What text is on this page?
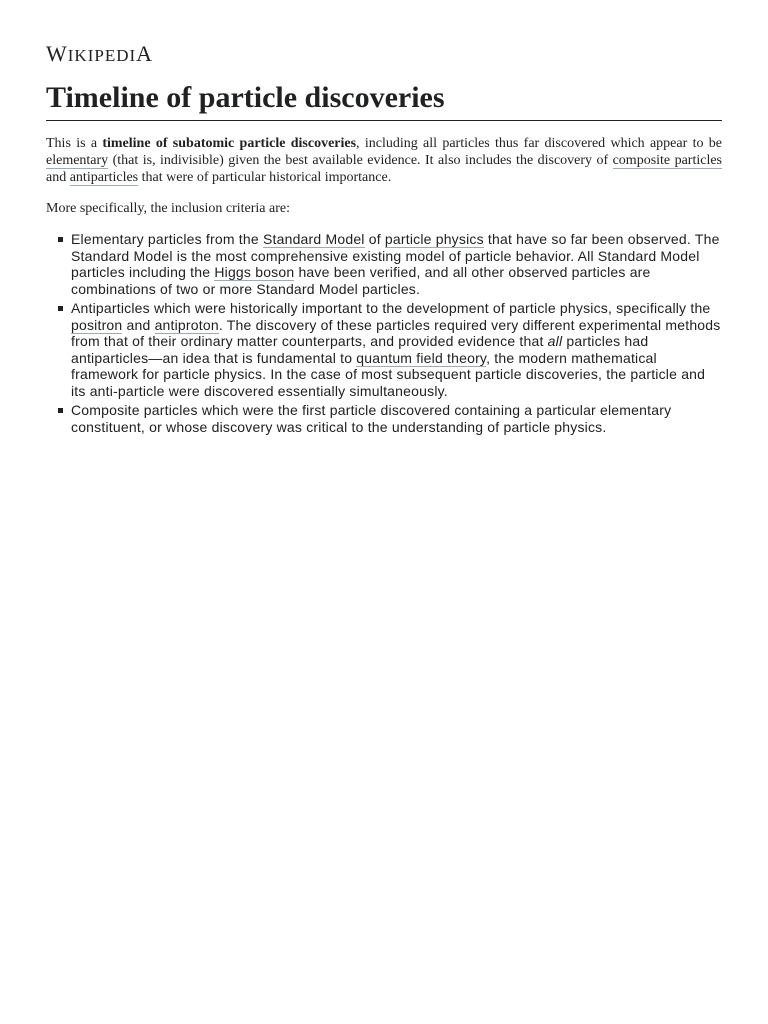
WIKIPEDIA
Timeline of particle discoveries

This is a timeline of subatomic particle discoveries, including all particles thus far discovered which appear to be elementary (that is, indivisible) given the best available evidence. It also includes the discovery of composite particles and antiparticles that were of particular historical importance.

More specifically, the inclusion criteria are:

Elementary particles from the Standard Model of particle physics that have so far been observed. The Standard Model is the most comprehensive existing model of particle behavior. All Standard Model particles including the Higgs boson have been verified, and all other observed particles are combinations of two or more Standard Model particles.
Antiparticles which were historically important to the development of particle physics, specifically the positron and antiproton. The discovery of these particles required very different experimental methods from that of their ordinary matter counterparts, and provided evidence that all particles had antiparticles—an idea that is fundamental to quantum field theory, the modern mathematical framework for particle physics. In the case of most subsequent particle discoveries, the particle and its anti-particle were discovered essentially simultaneously.
Composite particles which were the first particle discovered containing a particular elementary constituent, or whose discovery was critical to the understanding of particle physics.
